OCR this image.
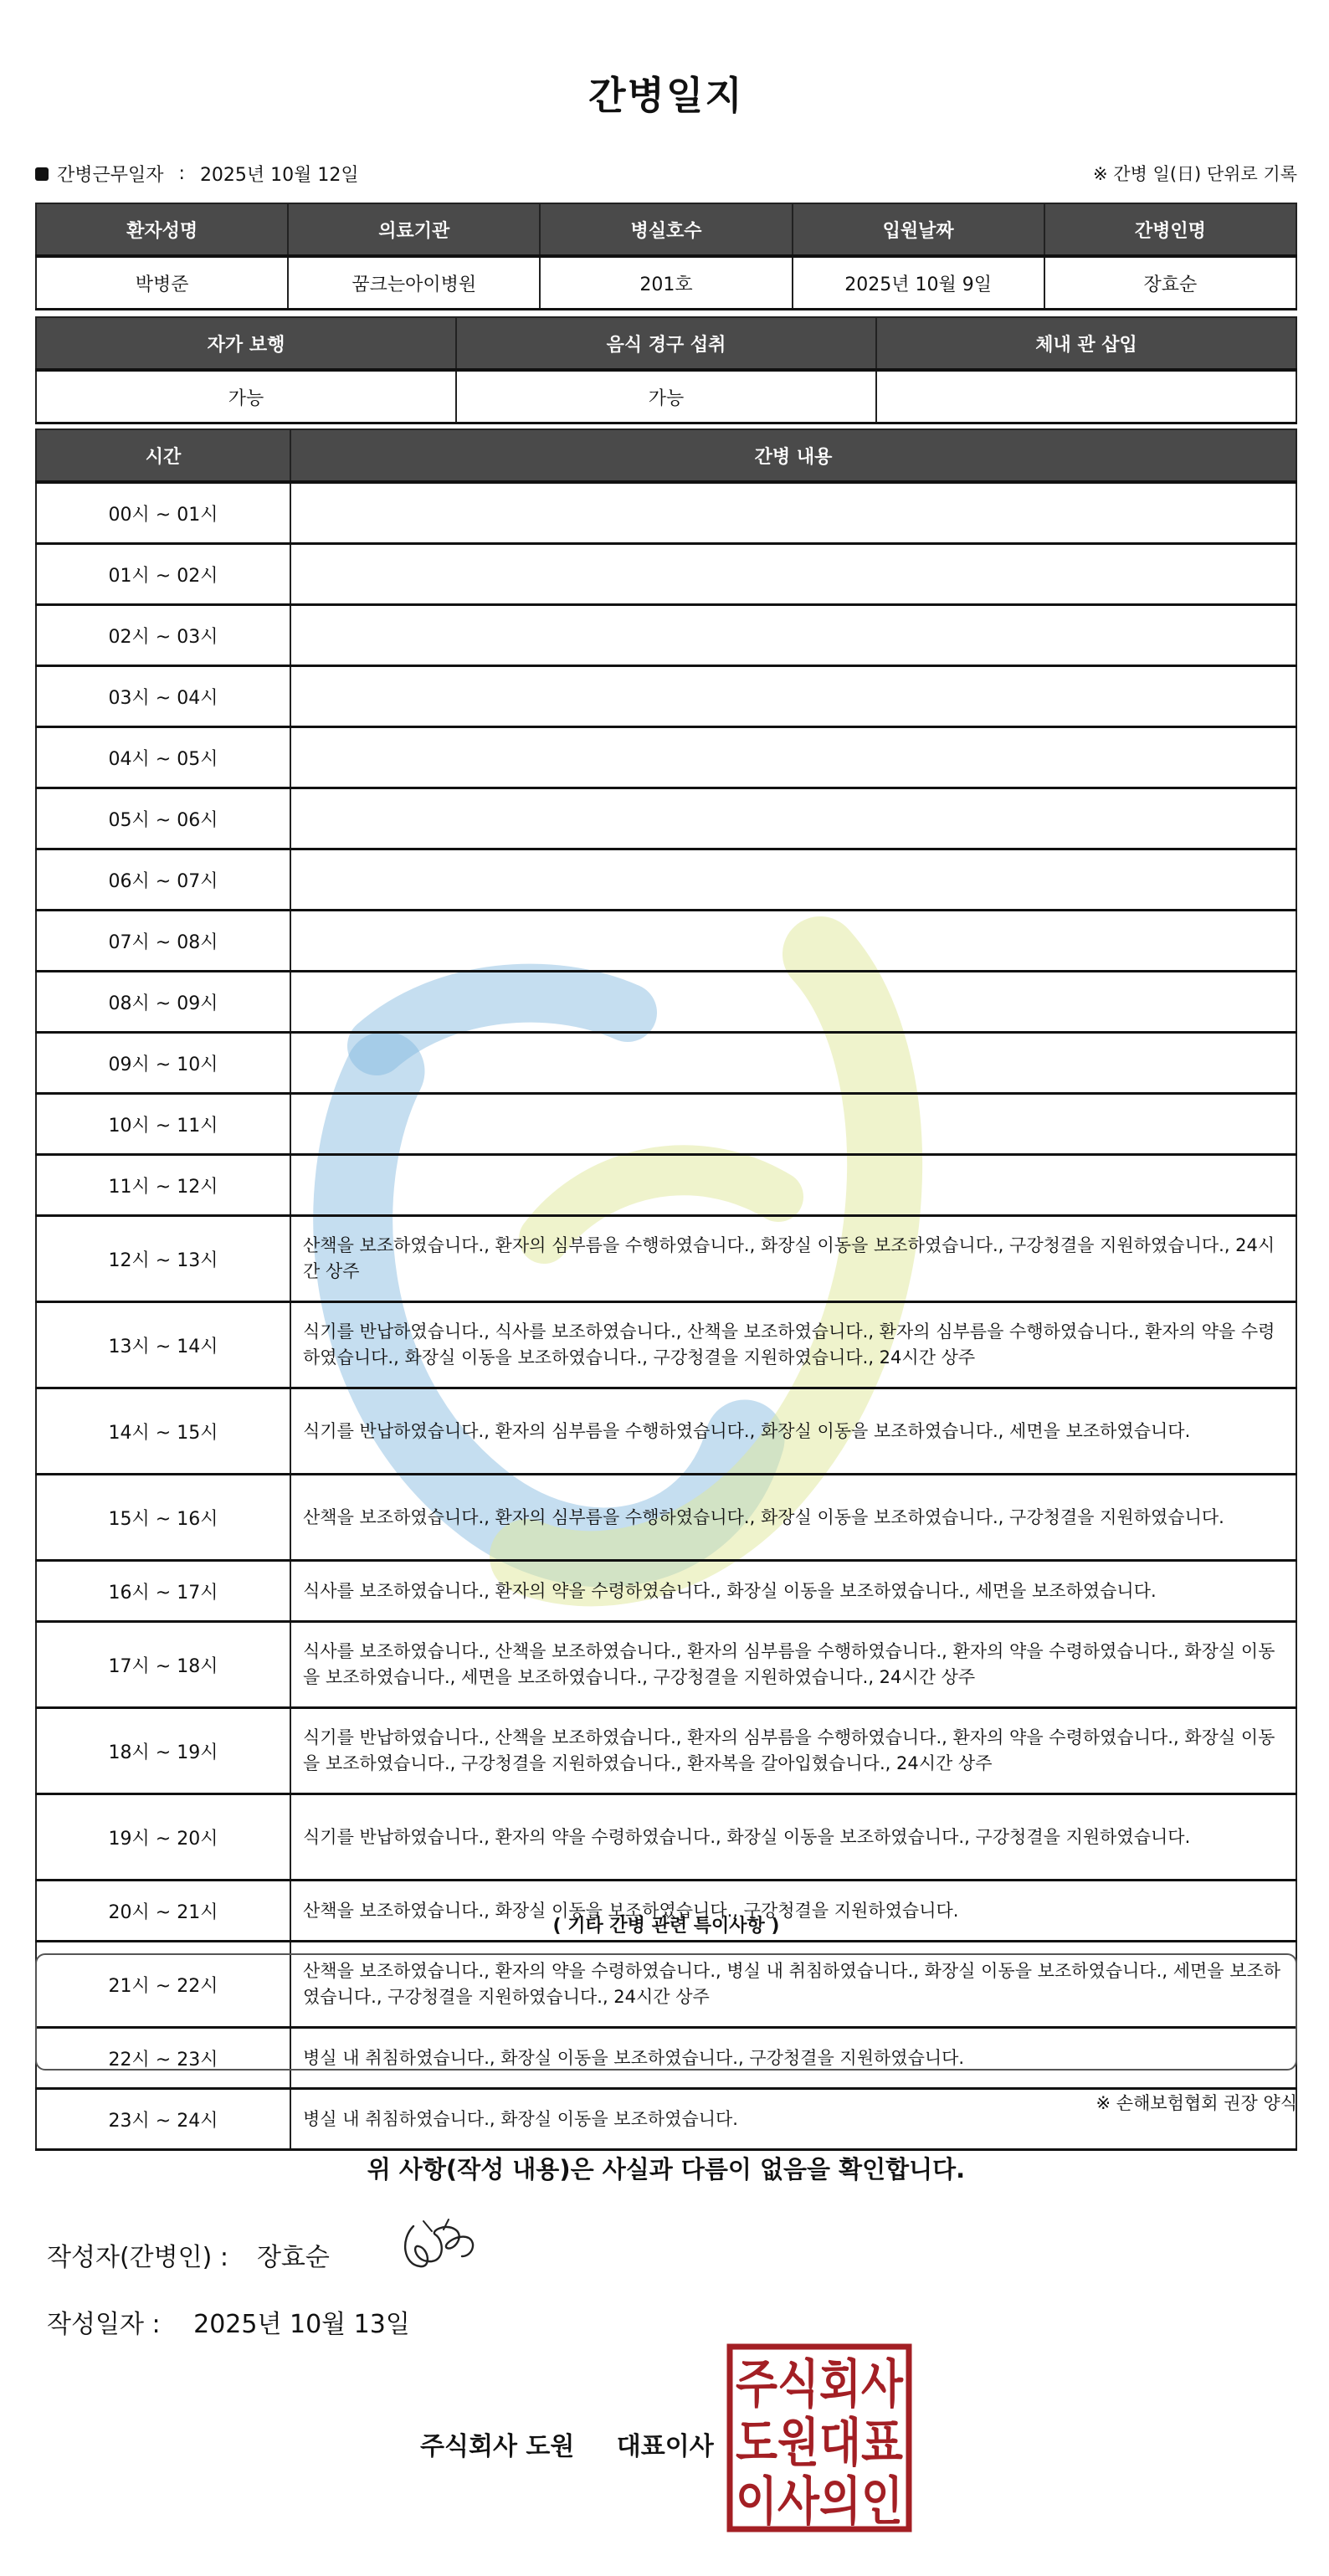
간병일지
간병근무일자 : 2025년 10월 12일	※ 간병 일(日) 단위로 기록
환자성명	의료기관	병실호수	입원날짜	간병인명
박병준	꿈크는아이병원	201호	2025년 10월 9일	장효순
자가 보행	음식 경구 섭취	체내 관 삽입
가능	가능	
시간	간병 내용
00시 ~ 01시	
01시 ~ 02시	
02시 ~ 03시	
03시 ~ 04시	
04시 ~ 05시	
05시 ~ 06시	
06시 ~ 07시	
07시 ~ 08시	
08시 ~ 09시	
09시 ~ 10시	
10시 ~ 11시	
11시 ~ 12시	
12시 ~ 13시	산책을 보조하였습니다., 환자의 심부름을 수행하였습니다., 화장실 이동을 보조하였습니다., 구강청결을 지원하였습니다., 24시간 상주
13시 ~ 14시	식기를 반납하였습니다., 식사를 보조하였습니다., 산책을 보조하였습니다., 환자의 심부름을 수행하였습니다., 환자의 약을 수령하였습니다., 화장실 이동을 보조하였습니다., 구강청결을 지원하였습니다., 24시간 상주
14시 ~ 15시	식기를 반납하였습니다., 환자의 심부름을 수행하였습니다., 화장실 이동을 보조하였습니다., 세면을 보조하였습니다.
15시 ~ 16시	산책을 보조하였습니다., 환자의 심부름을 수행하였습니다., 화장실 이동을 보조하였습니다., 구강청결을 지원하였습니다.
16시 ~ 17시	식사를 보조하였습니다., 환자의 약을 수령하였습니다., 화장실 이동을 보조하였습니다., 세면을 보조하였습니다.
17시 ~ 18시	식사를 보조하였습니다., 산책을 보조하였습니다., 환자의 심부름을 수행하였습니다., 환자의 약을 수령하였습니다., 화장실 이동을 보조하였습니다., 세면을 보조하였습니다., 구강청결을 지원하였습니다., 24시간 상주
18시 ~ 19시	식기를 반납하였습니다., 산책을 보조하였습니다., 환자의 심부름을 수행하였습니다., 환자의 약을 수령하였습니다., 화장실 이동을 보조하였습니다., 구강청결을 지원하였습니다., 환자복을 갈아입혔습니다., 24시간 상주
19시 ~ 20시	식기를 반납하였습니다., 환자의 약을 수령하였습니다., 화장실 이동을 보조하였습니다., 구강청결을 지원하였습니다.
20시 ~ 21시	산책을 보조하였습니다., 화장실 이동을 보조하였습니다., 구강청결을 지원하였습니다.
21시 ~ 22시	산책을 보조하였습니다., 환자의 약을 수령하였습니다., 병실 내 취침하였습니다., 화장실 이동을 보조하였습니다., 세면을 보조하였습니다., 구강청결을 지원하였습니다., 24시간 상주
22시 ~ 23시	병실 내 취침하였습니다., 화장실 이동을 보조하였습니다., 구강청결을 지원하였습니다.
23시 ~ 24시	병실 내 취침하였습니다., 화장실 이동을 보조하였습니다.
( 기타 간병 관련 특이사항 )
※ 손해보험협회 권장 양식
위 사항(작성 내용)은 사실과 다름이 없음을 확인합니다.
작성자(간병인) : 장효순
작성일자 : 2025년 10월 13일
주식회사 도원 대표이사
주식회사
도원대표
이사의인
